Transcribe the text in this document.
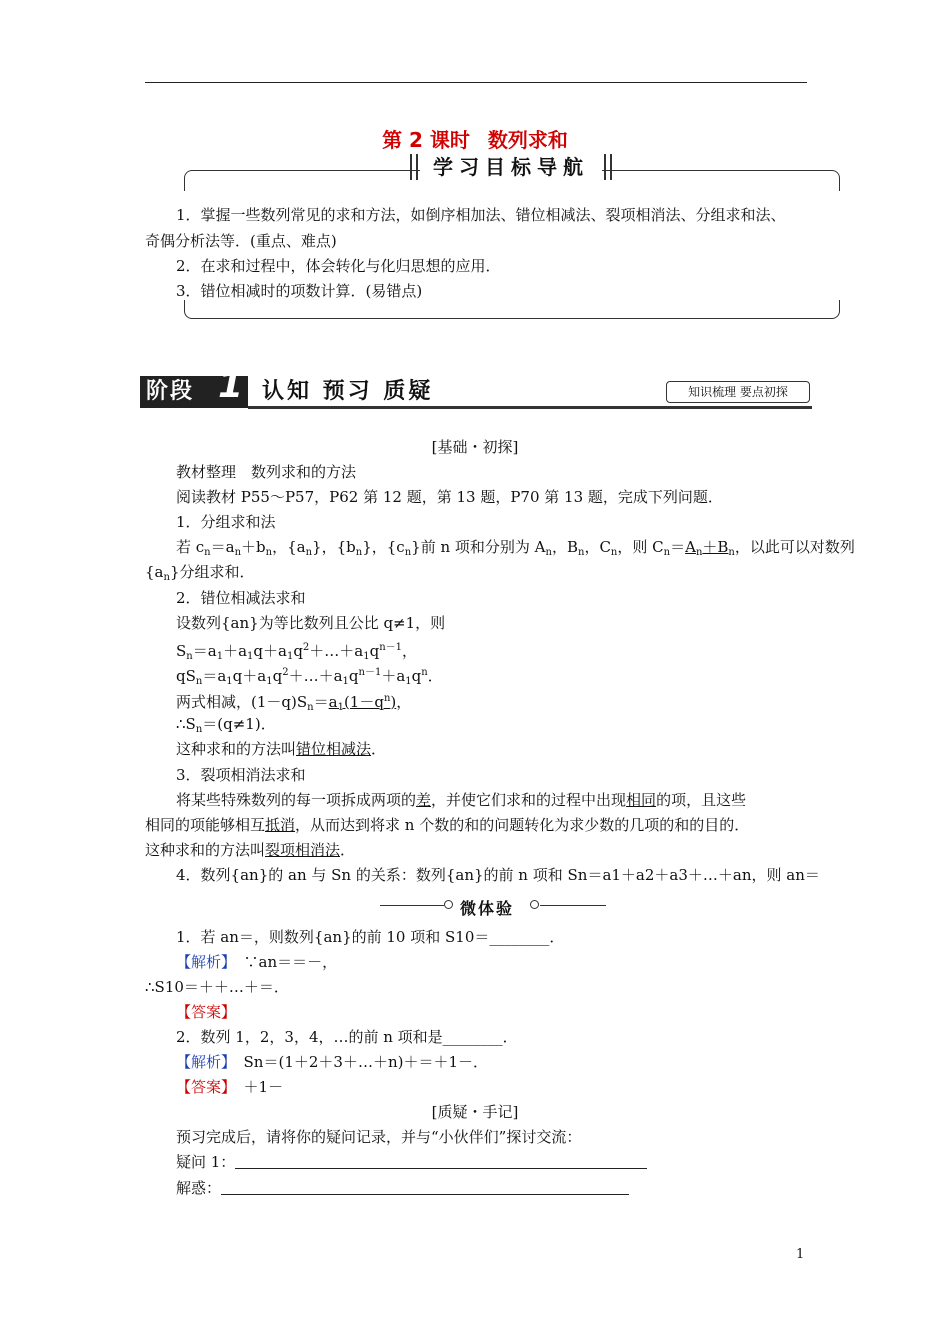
第 2 课时 数列求和
学习目标导航
1．掌握一些数列常见的求和方法，如倒序相加法、错位相减法、裂项相消法、分组求和法、
奇偶分析法等．(重点、难点)
2．在求和过程中，体会转化与化归思想的应用．
3．错位相减时的项数计算．(易错点)
阶段 1 认知 预习 质疑	知识梳理 要点初探
[基础・初探]
教材整理　数列求和的方法
阅读教材 P55～P57，P62 第 12 题，第 13 题，P70 第 13 题，完成下列问题．
1．分组求和法
若 $c_n=a_n+b_n$，$\{a_n\}$，$\{b_n\}$，$\{c_n\}$前 n 项和分别为 $A_n$，$B_n$，$C_n$，则 $C_n=A_n+B_n$，以此可以对数列
$\{a_n\}$分组求和．
2．错位相减法求和
设数列{an}为等比数列且公比 q≠1，则
$S_n=a_1+a_1q+a_1q^2+\dots+a_1q^{n-1}$，
$qS_n=a_1q+a_1q^2+\dots+a_1q^{n-1}+a_1q^n$．
两式相减，$(1-q)S_n=a_1(1-q^n)$，
$\therefore S_n=(q\ne 1)$．
这种求和的方法叫错位相减法．
3．裂项相消法求和
将某些特殊数列的每一项拆成两项的差，并使它们求和的过程中出现相同的项，且这些
相同的项能够相互抵消，从而达到将求 n 个数的和的问题转化为求少数的几项的和的目的．
这种求和的方法叫裂项相消法．
4．数列{an}的 an 与 Sn 的关系：数列{an}的前 n 项和 Sn＝a1＋a2＋a3＋…＋an，则 an＝
微体验
1．若 an＝，则数列{an}的前 10 项和 S10＝________．
【解析】　 ∵an＝＝－，
∴S10＝＋＋…＋＝．
【答案】
2．数列 1，2，3，4，…的前 n 项和是________．
【解析】　 Sn＝(1＋2＋3＋…＋n)＋＝＋1－．
【答案】　 ＋1－
[质疑・手记]
预习完成后，请将你的疑问记录，并与“小伙伴们”探讨交流：
疑问 1：
解惑：
1
